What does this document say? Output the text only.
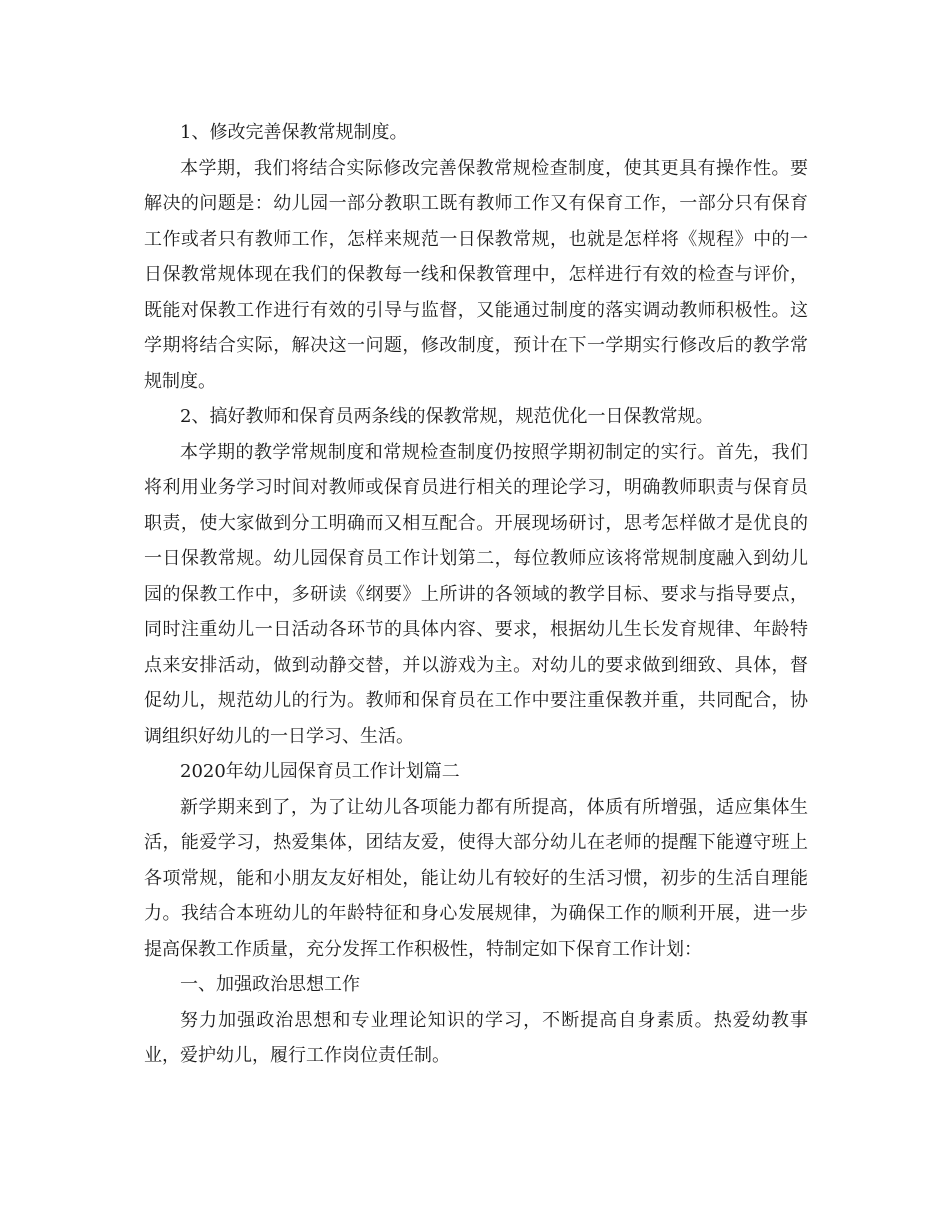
1、修改完善保教常规制度。

本学期，我们将结合实际修改完善保教常规检查制度，使其更具有操作性。要解决的问题是：幼儿园一部分教职工既有教师工作又有保育工作，一部分只有保育工作或者只有教师工作，怎样来规范一日保教常规，也就是怎样将《规程》中的一日保教常规体现在我们的保教每一线和保教管理中，怎样进行有效的检查与评价，既能对保教工作进行有效的引导与监督，又能通过制度的落实调动教师积极性。这学期将结合实际，解决这一问题，修改制度，预计在下一学期实行修改后的教学常规制度。

2、搞好教师和保育员两条线的保教常规，规范优化一日保教常规。

本学期的教学常规制度和常规检查制度仍按照学期初制定的实行。首先，我们将利用业务学习时间对教师或保育员进行相关的理论学习，明确教师职责与保育员职责，使大家做到分工明确而又相互配合。开展现场研讨，思考怎样做才是优良的一日保教常规。幼儿园保育员工作计划第二，每位教师应该将常规制度融入到幼儿园的保教工作中，多研读《纲要》上所讲的各领域的教学目标、要求与指导要点，同时注重幼儿一日活动各环节的具体内容、要求，根据幼儿生长发育规律、年龄特点来安排活动，做到动静交替，并以游戏为主。对幼儿的要求做到细致、具体，督促幼儿，规范幼儿的行为。教师和保育员在工作中要注重保教并重，共同配合，协调组织好幼儿的一日学习、生活。

2020年幼儿园保育员工作计划篇二

新学期来到了，为了让幼儿各项能力都有所提高，体质有所增强，适应集体生活，能爱学习，热爱集体，团结友爱，使得大部分幼儿在老师的提醒下能遵守班上各项常规，能和小朋友友好相处，能让幼儿有较好的生活习惯，初步的生活自理能力。我结合本班幼儿的年龄特征和身心发展规律，为确保工作的顺利开展，进一步提高保教工作质量，充分发挥工作积极性，特制定如下保育工作计划：

一、加强政治思想工作

努力加强政治思想和专业理论知识的学习，不断提高自身素质。热爱幼教事业，爱护幼儿，履行工作岗位责任制。
